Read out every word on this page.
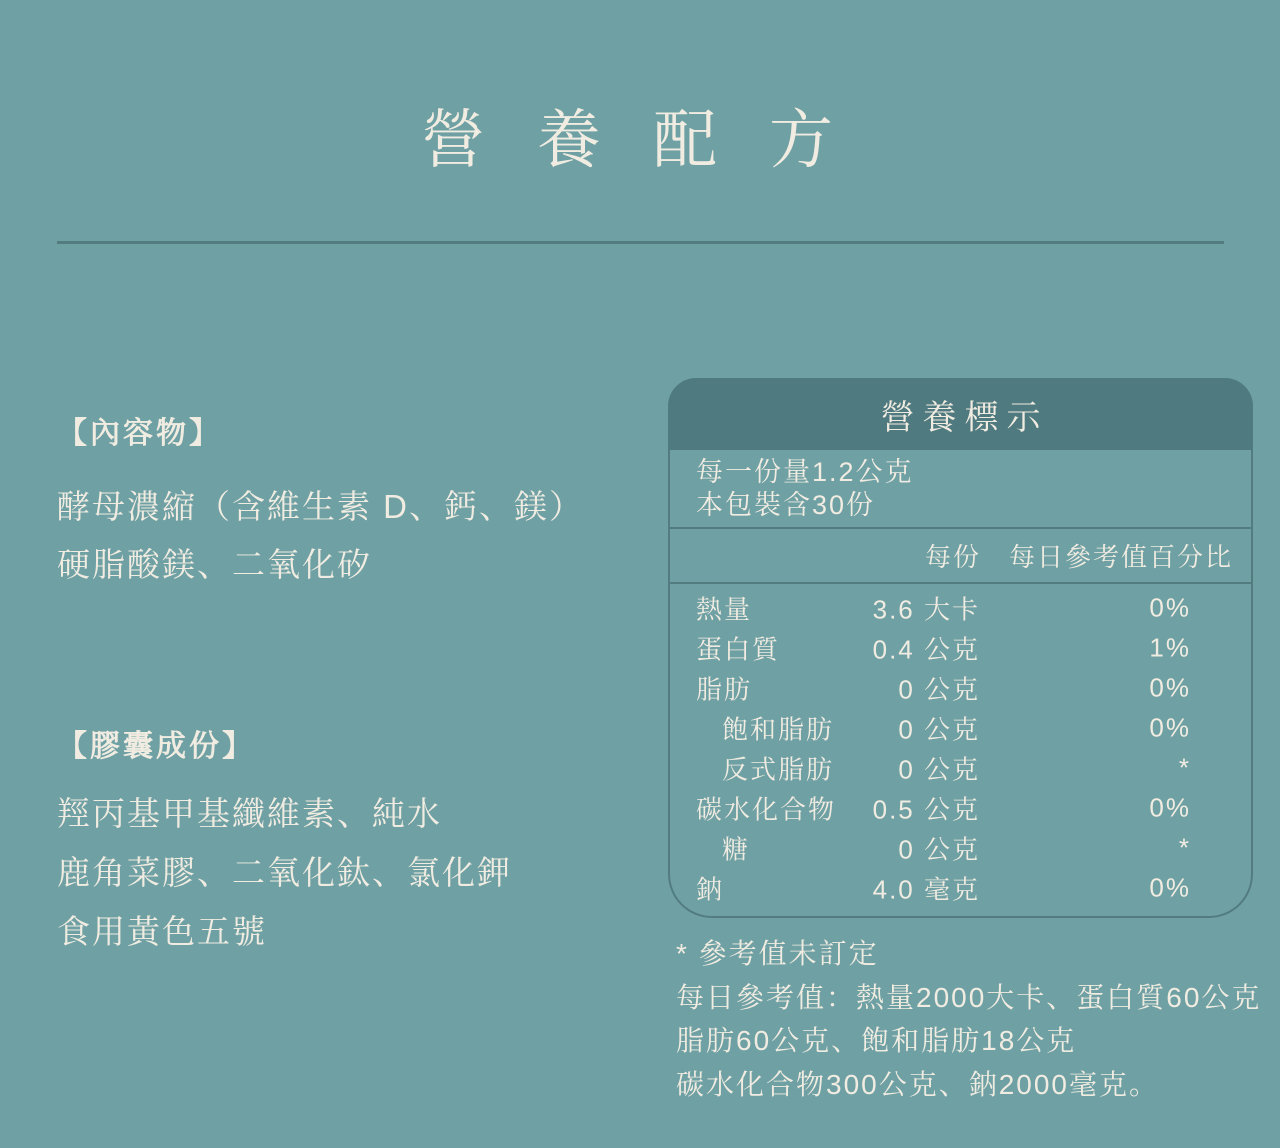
營養配方
【內容物】
酵母濃縮（含維生素 D、鈣、鎂）
硬脂酸鎂、二氧化矽
【膠囊成份】
羥丙基甲基纖維素、純水
鹿角菜膠、二氧化鈦、氯化鉀
食用黃色五號
營養標示
每一份量1.2公克
本包裝含30份
每份 每日參考值百分比
熱量	3.6 大卡	0%
蛋白質	0.4 公克	1%
脂肪	0 公克	0%
飽和脂肪	0 公克	0%
反式脂肪	0 公克	*
碳水化合物	0.5 公克	0%
糖	0 公克	*
鈉	4.0 毫克	0%
* 參考值未訂定
每日參考值：熱量2000大卡、蛋白質60公克
脂肪60公克、飽和脂肪18公克
碳水化合物300公克、鈉2000毫克。
